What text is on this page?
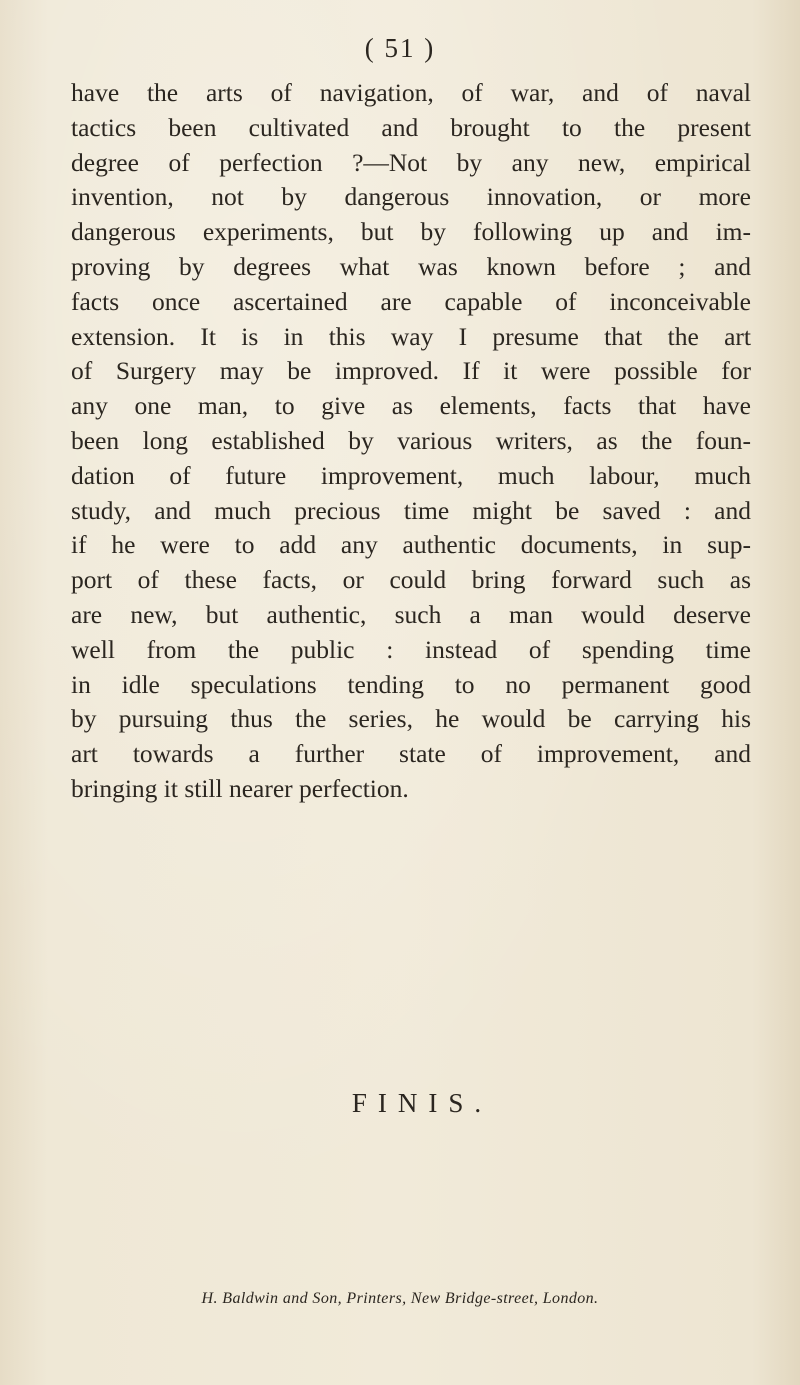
( 51 )
have the arts of navigation, of war, and of naval
tactics been cultivated and brought to the present
degree of perfection ?—Not by any new, empirical
invention, not by dangerous innovation, or more
dangerous experiments, but by following up and im-
proving by degrees what was known before ; and
facts once ascertained are capable of inconceivable
extension. It is in this way I presume that the art
of Surgery may be improved. If it were possible for
any one man, to give as elements, facts that have
been long established by various writers, as the foun-
dation of future improvement, much labour, much
study, and much precious time might be saved : and
if he were to add any authentic documents, in sup-
port of these facts, or could bring forward such as
are new, but authentic, such a man would deserve
well from the public : instead of spending time
in idle speculations tending to no permanent good
by pursuing thus the series, he would be carrying his
art towards a further state of improvement, and
bringing it still nearer perfection.
FINIS.
H. Baldwin and Son, Printers, New Bridge-street, London.
